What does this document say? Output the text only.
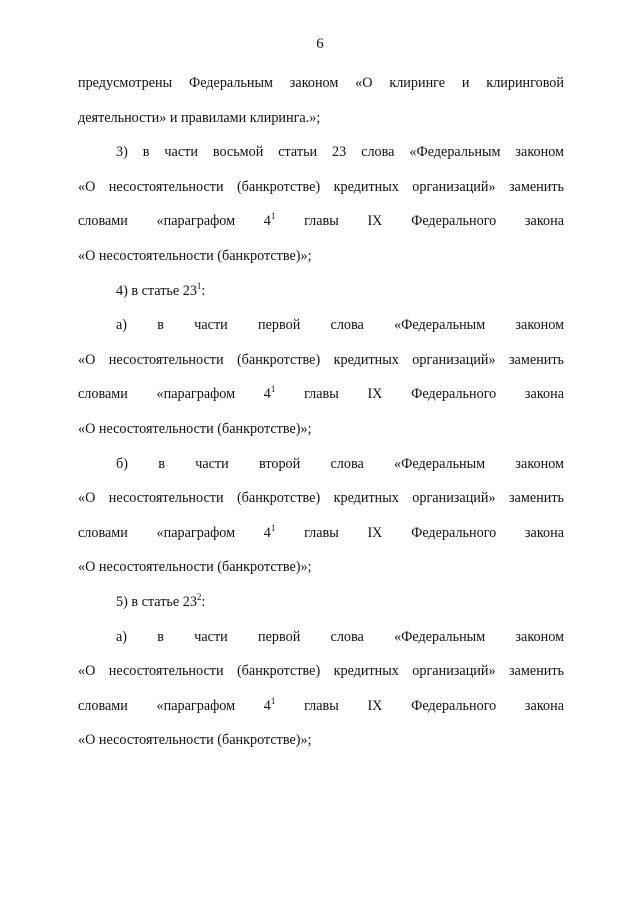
6

предусмотрены Федеральным законом «О клиринге и клиринговой

деятельности» и правилами клиринга.»;

3) в части восьмой статьи 23 слова «Федеральным законом

«О несостоятельности (банкротстве) кредитных организаций» заменить

словами «параграфом $4^1$ главы IX Федерального закона

«О несостоятельности (банкротстве)»;

4) в статье $23^1$:

а) в части первой слова «Федеральным законом

«О несостоятельности (банкротстве) кредитных организаций» заменить

словами «параграфом $4^1$ главы IX Федерального закона

«О несостоятельности (банкротстве)»;

б) в части второй слова «Федеральным законом

«О несостоятельности (банкротстве) кредитных организаций» заменить

словами «параграфом $4^1$ главы IX Федерального закона

«О несостоятельности (банкротстве)»;

5) в статье $23^2$:

а) в части первой слова «Федеральным законом

«О несостоятельности (банкротстве) кредитных организаций» заменить

словами «параграфом $4^1$ главы IX Федерального закона

«О несостоятельности (банкротстве)»;
